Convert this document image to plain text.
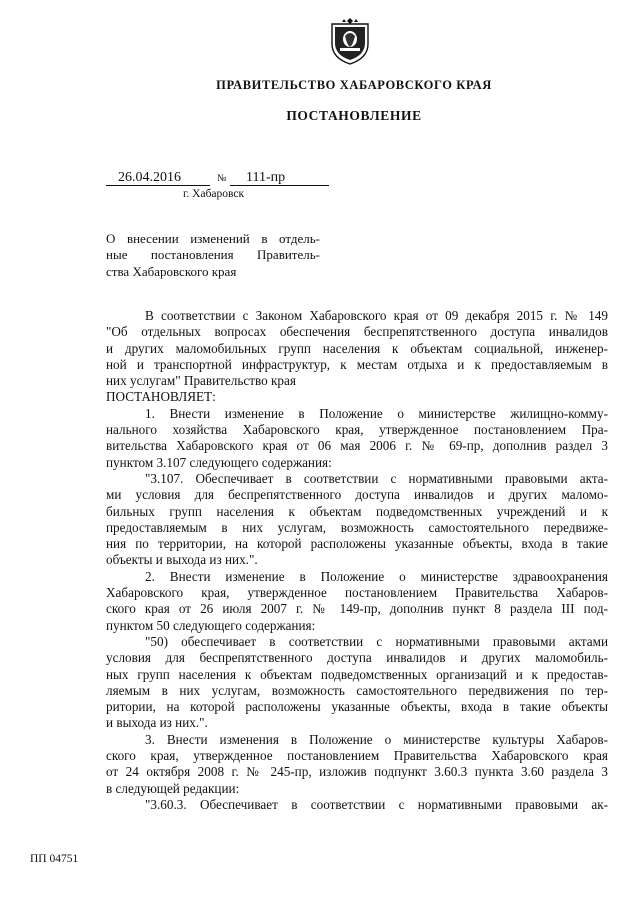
ПРАВИТЕЛЬСТВО ХАБАРОВСКОГО КРАЯ
ПОСТАНОВЛЕНИЕ
26.04.2016	№ 111-пр
г. Хабаровск
О внесении изменений в отдель-
ные постановления Правитель-
ства Хабаровского края
В соответствии с Законом Хабаровского края от 09 декабря 2015 г. № 149
"Об отдельных вопросах обеспечения беспрепятственного доступа инвалидов
и других маломобильных групп населения к объектам социальной, инженер-
ной и транспортной инфраструктур, к местам отдыха и к предоставляемым в
них услугам" Правительство края
ПОСТАНОВЛЯЕТ:
1. Внести изменение в Положение о министерстве жилищно-комму-
нального хозяйства Хабаровского края, утвержденное постановлением Пра-
вительства Хабаровского края от 06 мая 2006 г. № 69-пр, дополнив раздел 3
пунктом 3.107 следующего содержания:
"3.107. Обеспечивает в соответствии с нормативными правовыми акта-
ми условия для беспрепятственного доступа инвалидов и других маломо-
бильных групп населения к объектам подведомственных учреждений и к
предоставляемым в них услугам, возможность самостоятельного передвиже-
ния по территории, на которой расположены указанные объекты, входа в такие
объекты и выхода из них.".
2. Внести изменение в Положение о министерстве здравоохранения
Хабаровского края, утвержденное постановлением Правительства Хабаров-
ского края от 26 июля 2007 г. № 149-пр, дополнив пункт 8 раздела III под-
пунктом 50 следующего содержания:
"50) обеспечивает в соответствии с нормативными правовыми актами
условия для беспрепятственного доступа инвалидов и других маломобиль-
ных групп населения к объектам подведомственных организаций и к предостав-
ляемым в них услугам, возможность самостоятельного передвижения по тер-
ритории, на которой расположены указанные объекты, входа в такие объекты
и выхода из них.".
3. Внести изменения в Положение о министерстве культуры Хабаров-
ского края, утвержденное постановлением Правительства Хабаровского края
от 24 октября 2008 г. № 245-пр, изложив подпункт 3.60.3 пункта 3.60 раздела 3
в следующей редакции:
"3.60.3. Обеспечивает в соответствии с нормативными правовыми ак-
ПП 04751
